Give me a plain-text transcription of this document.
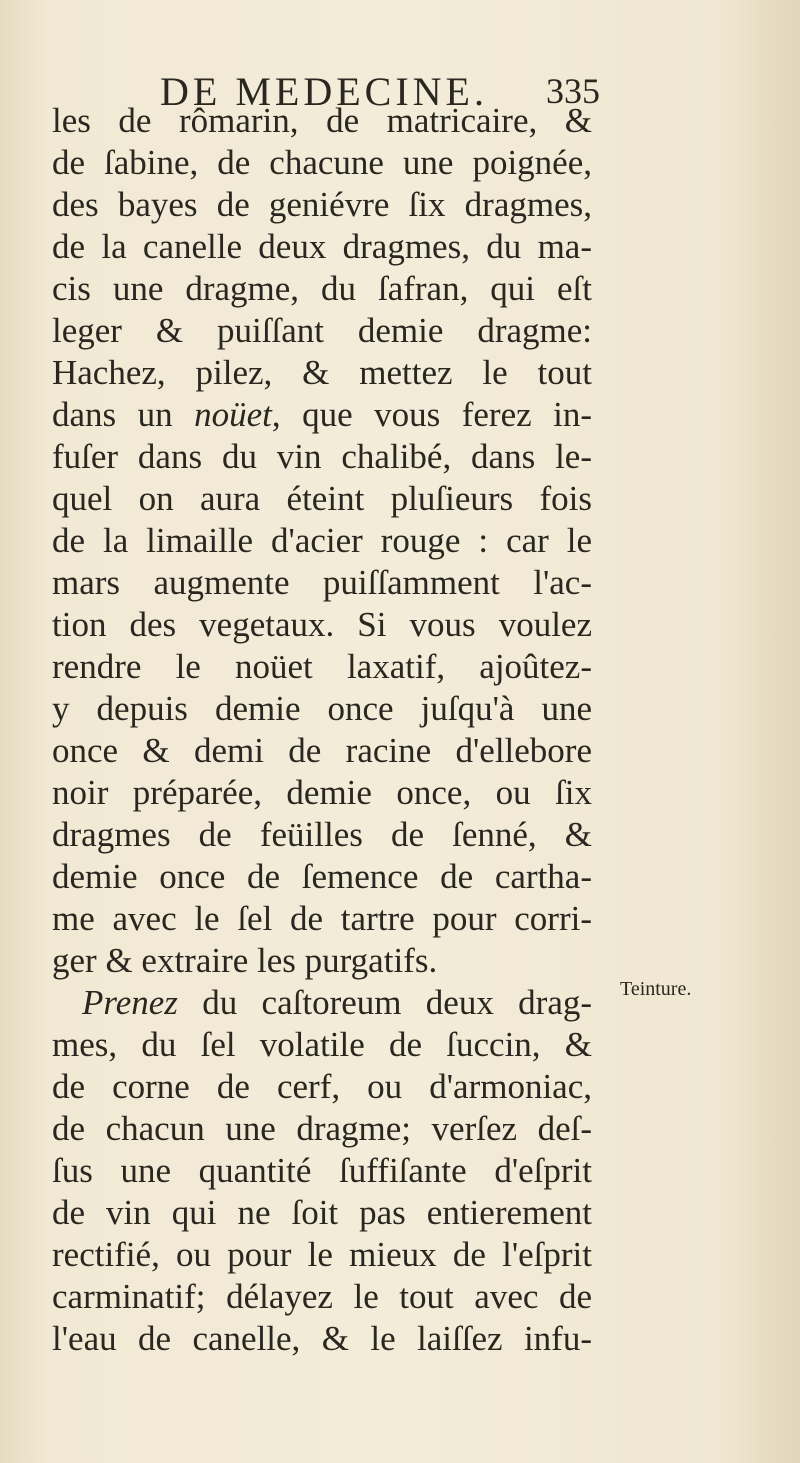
DE MEDECINE. 335
les de rômarin, de matricaire, &
de ſabine, de chacune une poignée,
des bayes de geniévre ſix dragmes,
de la canelle deux dragmes, du ma-
cis une dragme, du ſafran, qui eſt
leger & puiſſant demie dragme:
Hachez, pilez, & mettez le tout
dans un noüet, que vous ferez in-
fuſer dans du vin chalibé, dans le-
quel on aura éteint pluſieurs fois
de la limaille d'acier rouge : car le
mars augmente puiſſamment l'ac-
tion des vegetaux. Si vous voulez
rendre le noüet laxatif, ajoûtez-
y depuis demie once juſqu'à une
once & demi de racine d'ellebore
noir préparée, demie once, ou ſix
dragmes de feüilles de ſenné, &
demie once de ſemence de cartha-
me avec le ſel de tartre pour corri-
ger & extraire les purgatifs.
Prenez du caſtoreum deux drag-
mes, du ſel volatile de ſuccin, &
de corne de cerf, ou d'armoniac,
de chacun une dragme; verſez deſ-
ſus une quantité ſuffiſante d'eſprit
de vin qui ne ſoit pas entierement
rectifié, ou pour le mieux de l'eſprit
carminatif; délayez le tout avec de
l'eau de canelle, & le laiſſez infu-
Teinture.
